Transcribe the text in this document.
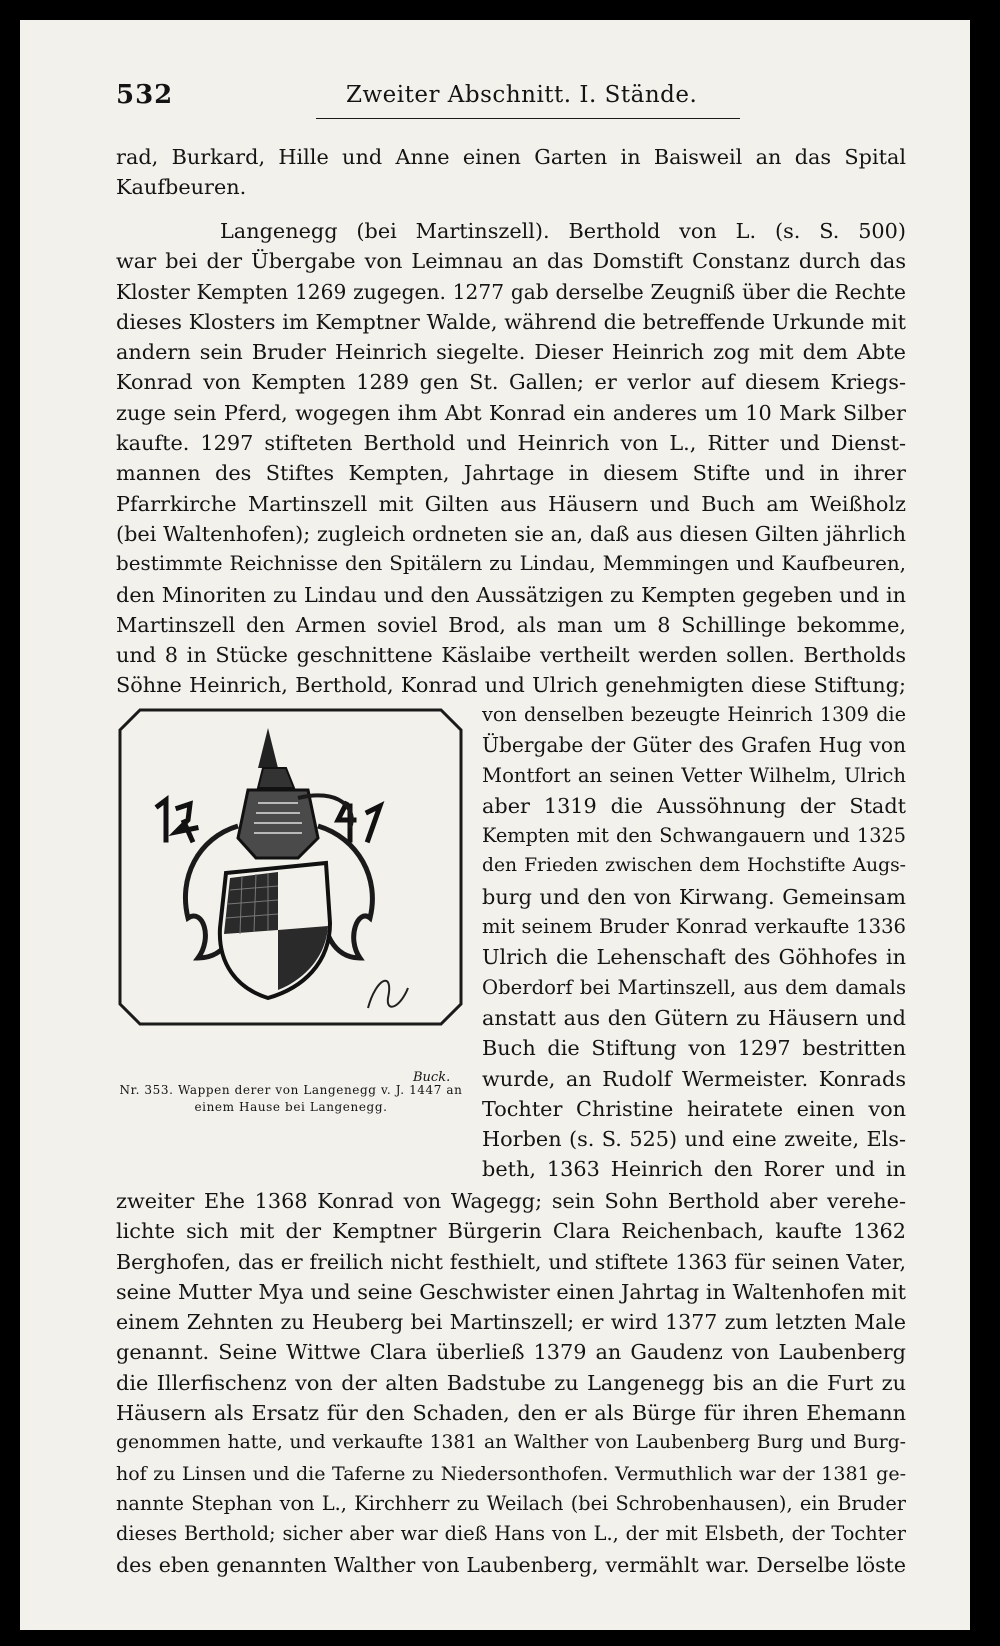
532	Zweiter Abschnitt. I. Stände.
rad, Burkard, Hille und Anne einen Garten in Baisweil an das Spital
Kaufbeuren.
Langenegg (bei Martinszell). Berthold von L. (s. S. 500)
war bei der Übergabe von Leimnau an das Domstift Constanz durch das
Kloster Kempten 1269 zugegen. 1277 gab derselbe Zeugniß über die Rechte
dieses Klosters im Kemptner Walde, während die betreffende Urkunde mit
andern sein Bruder Heinrich siegelte. Dieser Heinrich zog mit dem Abte
Konrad von Kempten 1289 gen St. Gallen; er verlor auf diesem Kriegs-
zuge sein Pferd, wogegen ihm Abt Konrad ein anderes um 10 Mark Silber
kaufte. 1297 stifteten Berthold und Heinrich von L., Ritter und Dienst-
mannen des Stiftes Kempten, Jahrtage in diesem Stifte und in ihrer
Pfarrkirche Martinszell mit Gilten aus Häusern und Buch am Weißholz
(bei Waltenhofen); zugleich ordneten sie an, daß aus diesen Gilten jährlich
bestimmte Reichnisse den Spitälern zu Lindau, Memmingen und Kaufbeuren,
den Minoriten zu Lindau und den Aussätzigen zu Kempten gegeben und in
Martinszell den Armen soviel Brod, als man um 8 Schillinge bekomme,
und 8 in Stücke geschnittene Käslaibe vertheilt werden sollen. Bertholds
Söhne Heinrich, Berthold, Konrad und Ulrich genehmigten diese Stiftung;
Buck.
Nr. 353. Wappen derer von Langenegg v. J. 1447 an einem Hause bei Langenegg.
von denselben bezeugte Heinrich 1309 die
Übergabe der Güter des Grafen Hug von
Montfort an seinen Vetter Wilhelm, Ulrich
aber 1319 die Aussöhnung der Stadt
Kempten mit den Schwangauern und 1325
den Frieden zwischen dem Hochstifte Augs-
burg und den von Kirwang. Gemeinsam
mit seinem Bruder Konrad verkaufte 1336
Ulrich die Lehenschaft des Göhhofes in
Oberdorf bei Martinszell, aus dem damals
anstatt aus den Gütern zu Häusern und
Buch die Stiftung von 1297 bestritten
wurde, an Rudolf Wermeister. Konrads
Tochter Christine heiratete einen von
Horben (s. S. 525) und eine zweite, Els-
beth, 1363 Heinrich den Rorer und in
zweiter Ehe 1368 Konrad von Wagegg; sein Sohn Berthold aber verehe-
lichte sich mit der Kemptner Bürgerin Clara Reichenbach, kaufte 1362
Berghofen, das er freilich nicht festhielt, und stiftete 1363 für seinen Vater,
seine Mutter Mya und seine Geschwister einen Jahrtag in Waltenhofen mit
einem Zehnten zu Heuberg bei Martinszell; er wird 1377 zum letzten Male
genannt. Seine Wittwe Clara überließ 1379 an Gaudenz von Laubenberg
die Illerfischenz von der alten Badstube zu Langenegg bis an die Furt zu
Häusern als Ersatz für den Schaden, den er als Bürge für ihren Ehemann
genommen hatte, und verkaufte 1381 an Walther von Laubenberg Burg und Burg-
hof zu Linsen und die Taferne zu Niedersonthofen. Vermuthlich war der 1381 ge-
nannte Stephan von L., Kirchherr zu Weilach (bei Schrobenhausen), ein Bruder
dieses Berthold; sicher aber war dieß Hans von L., der mit Elsbeth, der Tochter
des eben genannten Walther von Laubenberg, vermählt war. Derselbe löste
